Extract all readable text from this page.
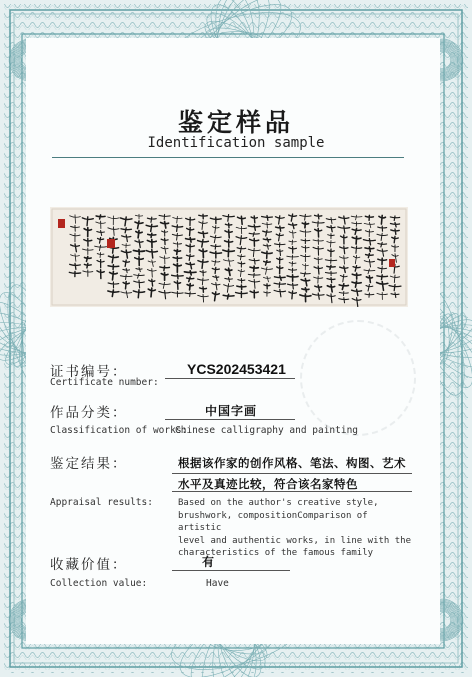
鉴定样品
Identification sample
证书编号：
Certificate number:
YCS202453421
作品分类：	中国字画
Classification of works:
Chinese calligraphy and painting
鉴定结果：	根据该作家的创作风格、笔法、构图、艺术水平及真迹比较，符合该名家特色
Appraisal results:	Based on the author's creative style,
brushwork, compositionComparison of artistic
level and authentic works, in line with the
characteristics of the famous family
收藏价值：	有
Collection value:	Have
